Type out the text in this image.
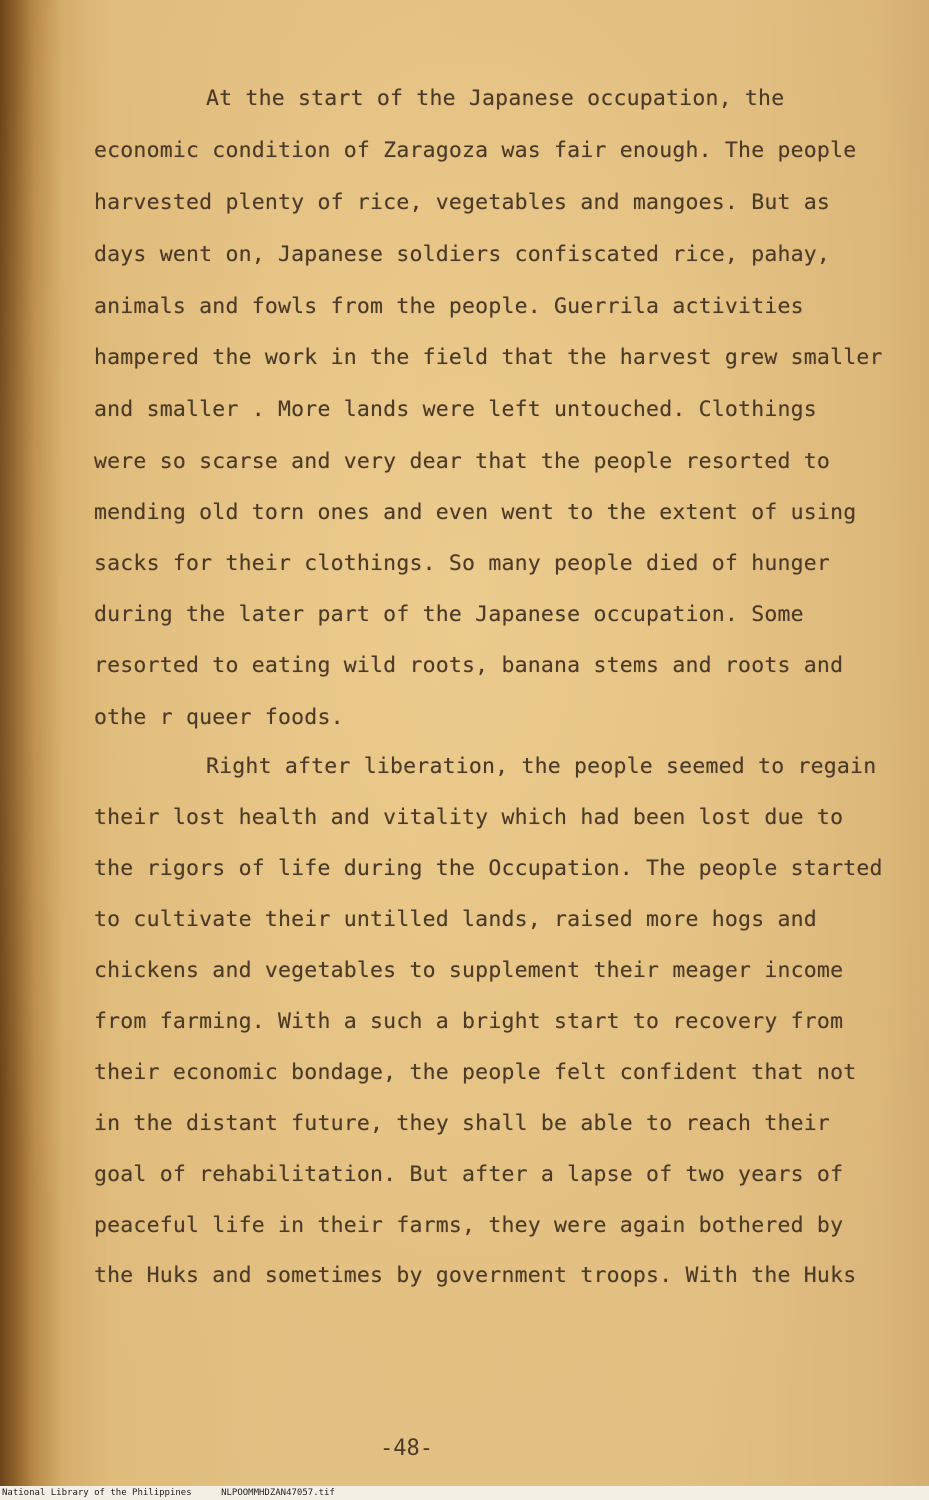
At the start of the Japanese occupation, the

economic condition of Zaragoza was fair enough. The people

harvested plenty of rice, vegetables and mangoes. But as

days went on, Japanese soldiers confiscated rice, pahay,

animals and fowls from the people. Guerrila activities

hampered the work in the field that the harvest grew smaller

and smaller . More lands were left untouched. Clothings

were so scarse and very dear that the people resorted to

mending old torn ones and even went to the extent of using

sacks for their clothings. So many people died of hunger

during the later part of the Japanese occupation. Some

resorted to eating wild roots, banana stems and roots and

othe r queer foods.

Right after liberation, the people seemed to regain

their lost health and vitality which had been lost due to

the rigors of life during the Occupation. The people started

to cultivate their untilled lands, raised more hogs and

chickens and vegetables to supplement their meager income

from farming. With a such a bright start to recovery from

their economic bondage, the people felt confident that not

in the distant future, they shall be able to reach their

goal of rehabilitation. But after a lapse of two years of

peaceful life in their farms, they were again bothered by

the Huks and sometimes by government troops. With the Huks

-48-

National Library of the Philippines	NLPOOMMHDZAN47057.tif
